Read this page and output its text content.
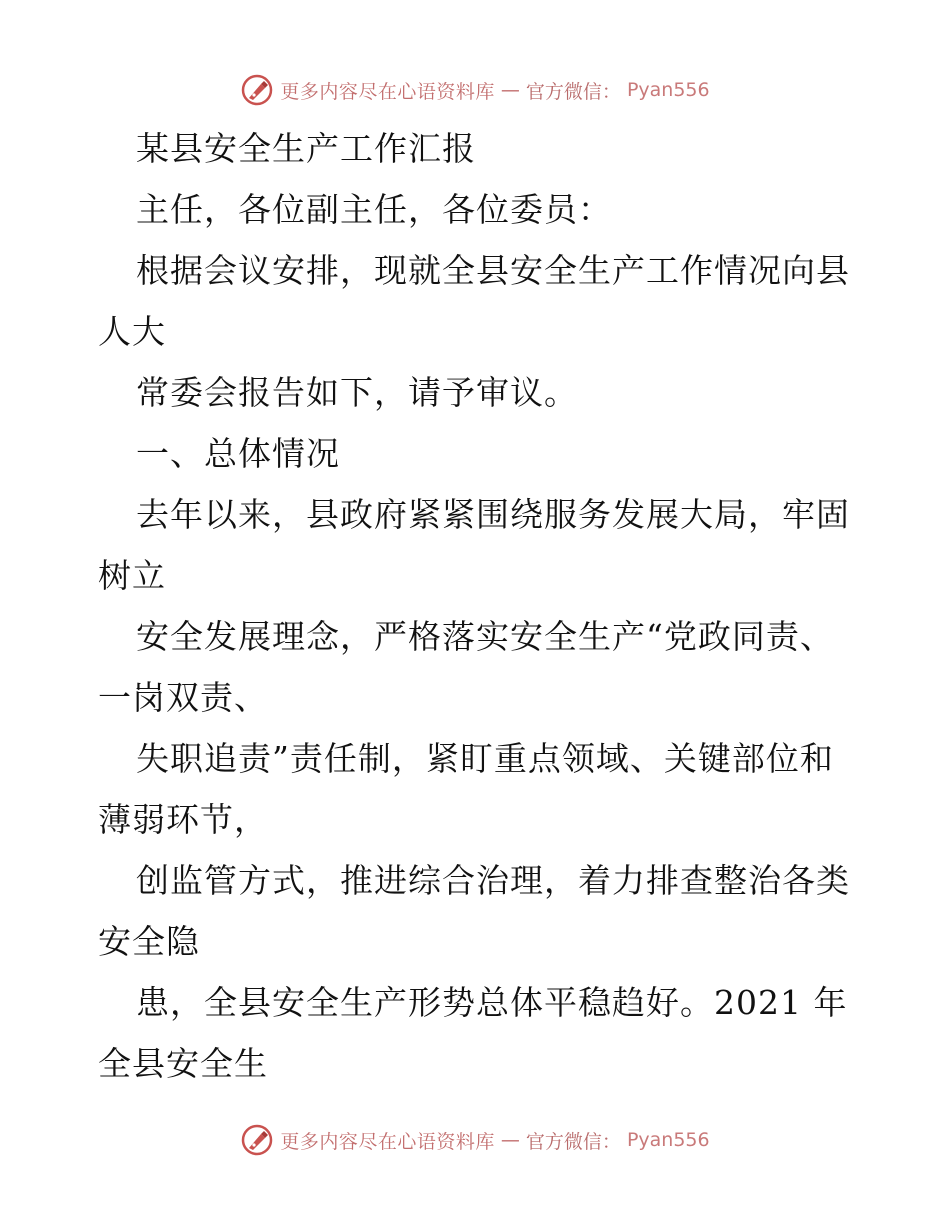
更多内容尽在心语资料库 — 官方微信： Pyan556
某县安全生产工作汇报
主任，各位副主任，各位委员：
根据会议安排，现就全县安全生产工作情况向县
人大
常委会报告如下，请予审议。
一、总体情况
去年以来，县政府紧紧围绕服务发展大局，牢固
树立
安全发展理念，严格落实安全生产“党政同责、
一岗双责、
失职追责”责任制，紧盯重点领域、关键部位和
薄弱环节，
创监管方式，推进综合治理，着力排查整治各类
安全隐
患，全县安全生产形势总体平稳趋好。2021 年
全县安全生
更多内容尽在心语资料库 — 官方微信： Pyan556
